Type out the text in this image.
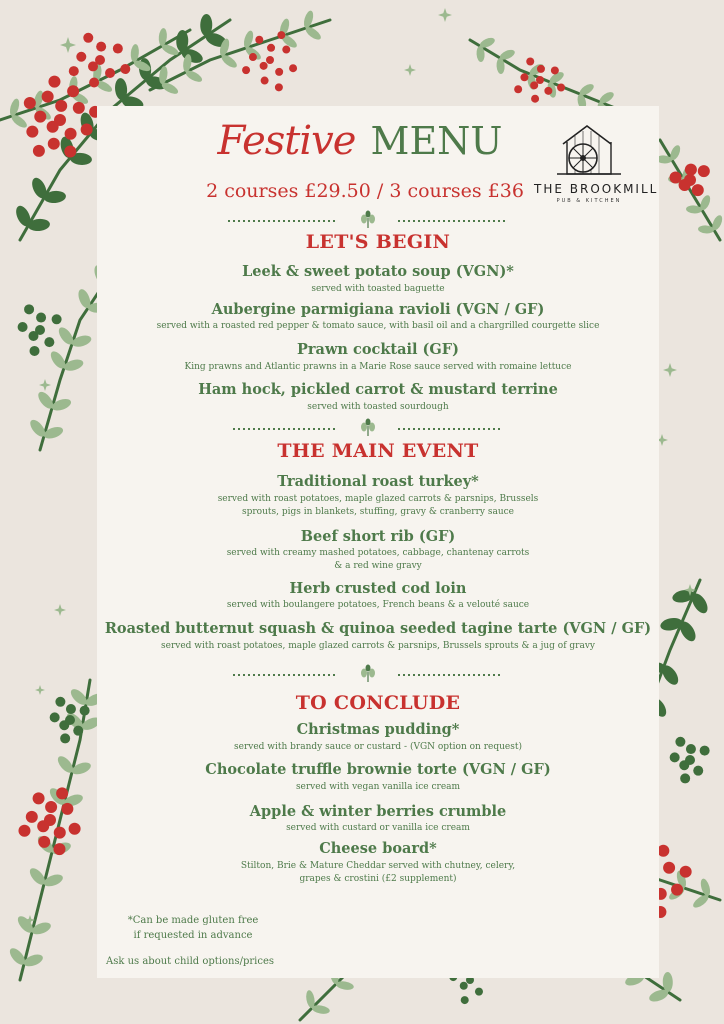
Festive MENU
2 courses £29.50 / 3 courses £36 THE BROOKMILL
PUB & KITCHEN
LET'S BEGIN
Leek & sweet potato soup (VGN)*
served with toasted baguette
Aubergine parmigiana ravioli (VGN / GF)
served with a roasted red pepper & tomato sauce, with basil oil and a chargrilled courgette slice
Prawn cocktail (GF)
King prawns and Atlantic prawns in a Marie Rose sauce served with romaine lettuce
Ham hock, pickled carrot & mustard terrine
served with toasted sourdough
THE MAIN EVENT
Traditional roast turkey*
served with roast potatoes, maple glazed carrots & parsnips, Brussels
sprouts, pigs in blankets, stuffing, gravy & cranberry sauce
Beef short rib (GF)
served with creamy mashed potatoes, cabbage, chantenay carrots
& a red wine gravy
Herb crusted cod loin
served with boulangere potatoes, French beans & a velouté sauce
Roasted butternut squash & quinoa seeded tagine tarte (VGN / GF)
served with roast potatoes, maple glazed carrots & parsnips, Brussels sprouts & a jug of gravy
TO CONCLUDE
Christmas pudding*
served with brandy sauce or custard - (VGN option on request)
Chocolate truffle brownie torte (VGN / GF)
served with vegan vanilla ice cream
Apple & winter berries crumble
served with custard or vanilla ice cream
Cheese board*
Stilton, Brie & Mature Cheddar served with chutney, celery,
grapes & crostini (£2 supplement)
*Can be made gluten free
if requested in advance
Ask us about child options/prices
